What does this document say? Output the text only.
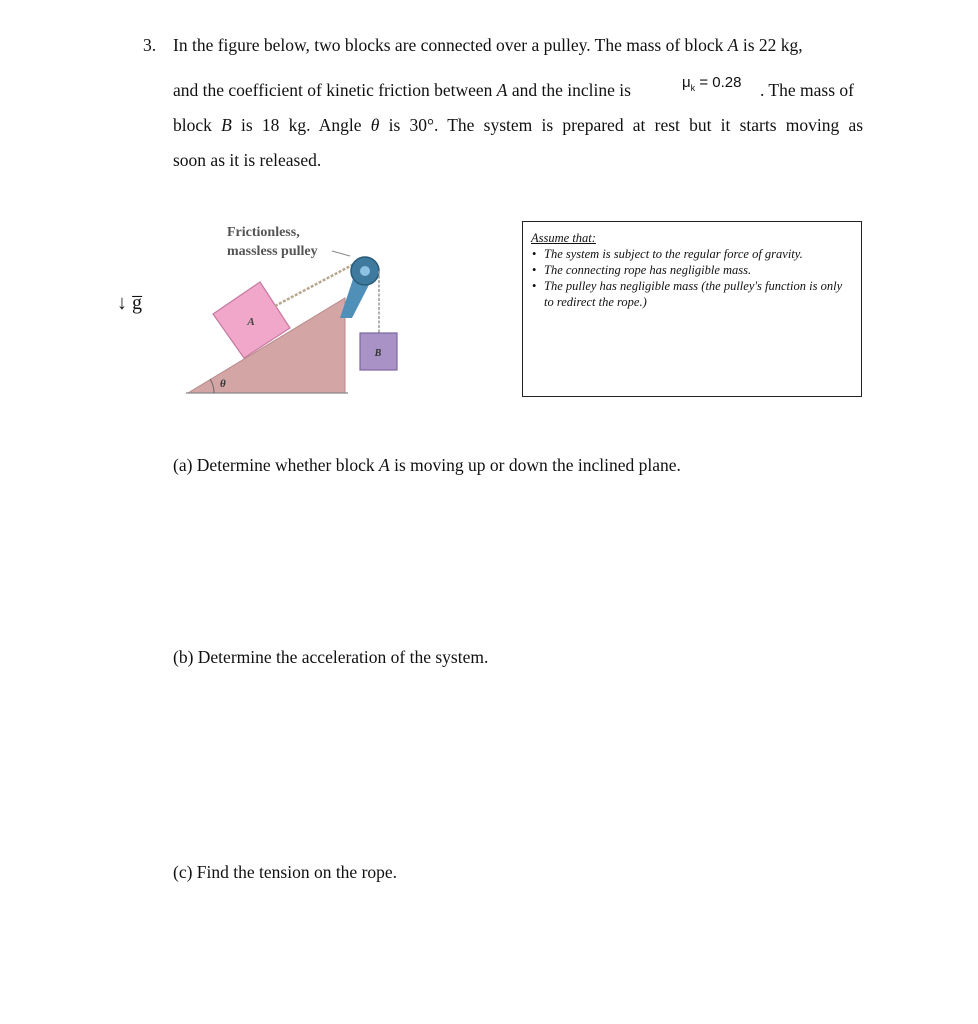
3. In the figure below, two blocks are connected over a pulley. The mass of block A is 22 kg,
and the coefficient of kinetic friction between A and the incline is	$\mu_k = 0.28$ . The mass of
block B is 18 kg. Angle θ is 30°. The system is prepared at rest but it starts moving as
soon as it is released.
↓ g̅
A
B
Frictionless,
massless pulley
θ
Assume that:
• The system is subject to the regular force of gravity.
• The connecting rope has negligible mass.
• The pulley has negligible mass (the pulley's function is only to redirect the rope.)
(a) Determine whether block A is moving up or down the inclined plane.
(b) Determine the acceleration of the system.
(c) Find the tension on the rope.
